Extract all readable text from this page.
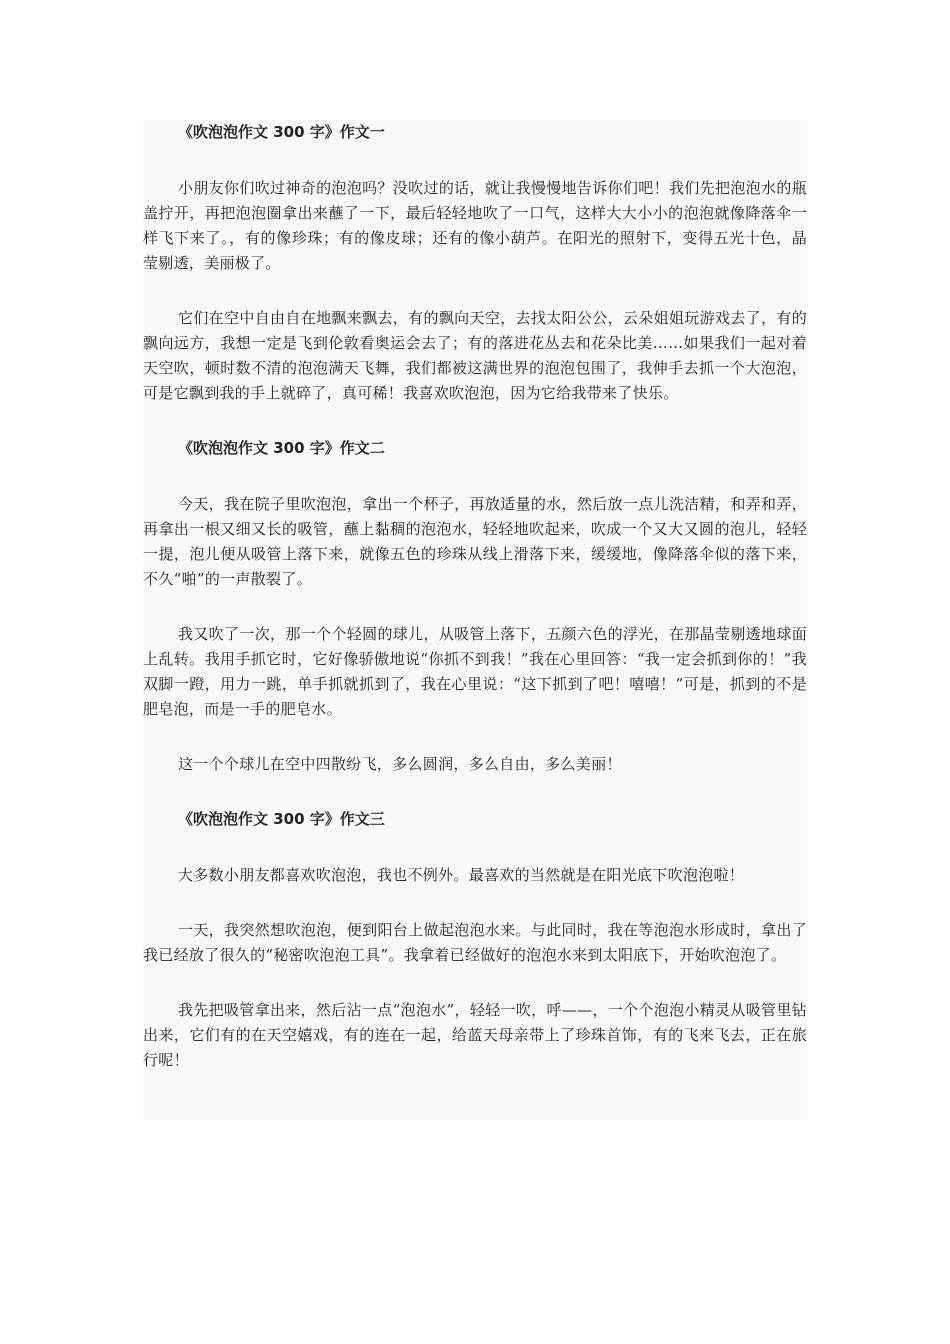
《吹泡泡作文 300 字》作文一

小朋友你们吹过神奇的泡泡吗？没吹过的话，就让我慢慢地告诉你们吧！我们先把泡泡水的瓶盖拧开，再把泡泡圈拿出来蘸了一下，最后轻轻地吹了一口气，这样大大小小的泡泡就像降落伞一样飞下来了。，有的像珍珠；有的像皮球；还有的像小葫芦。在阳光的照射下，变得五光十色，晶莹剔透，美丽极了。

它们在空中自由自在地飘来飘去，有的飘向天空，去找太阳公公，云朵姐姐玩游戏去了，有的飘向远方，我想一定是飞到伦敦看奥运会去了；有的落进花丛去和花朵比美……如果我们一起对着天空吹，顿时数不清的泡泡满天飞舞，我们都被这满世界的泡泡包围了，我伸手去抓一个大泡泡，可是它飘到我的手上就碎了，真可稀！我喜欢吹泡泡，因为它给我带来了快乐。

《吹泡泡作文 300 字》作文二

今天，我在院子里吹泡泡，拿出一个杯子，再放适量的水，然后放一点儿洗洁精，和弄和弄，再拿出一根又细又长的吸管，蘸上黏稠的泡泡水，轻轻地吹起来，吹成一个又大又圆的泡儿，轻轻一提，泡儿便从吸管上落下来，就像五色的珍珠从线上滑落下来，缓缓地，像降落伞似的落下来，不久“啪”的一声散裂了。

我又吹了一次，那一个个轻圆的球儿，从吸管上落下，五颜六色的浮光，在那晶莹剔透地球面上乱转。我用手抓它时，它好像骄傲地说“你抓不到我！”我在心里回答：“我一定会抓到你的！”我双脚一蹬，用力一跳，单手抓就抓到了，我在心里说：“这下抓到了吧！嘻嘻！”可是，抓到的不是肥皂泡，而是一手的肥皂水。

这一个个球儿在空中四散纷飞，多么圆润，多么自由，多么美丽！

《吹泡泡作文 300 字》作文三

大多数小朋友都喜欢吹泡泡，我也不例外。最喜欢的当然就是在阳光底下吹泡泡啦！

一天，我突然想吹泡泡，便到阳台上做起泡泡水来。与此同时，我在等泡泡水形成时，拿出了我已经放了很久的“秘密吹泡泡工具”。我拿着已经做好的泡泡水来到太阳底下，开始吹泡泡了。

我先把吸管拿出来，然后沾一点“泡泡水”，轻轻一吹，呼——，一个个泡泡小精灵从吸管里钻出来，它们有的在天空嬉戏，有的连在一起，给蓝天母亲带上了珍珠首饰，有的飞来飞去，正在旅行呢！
